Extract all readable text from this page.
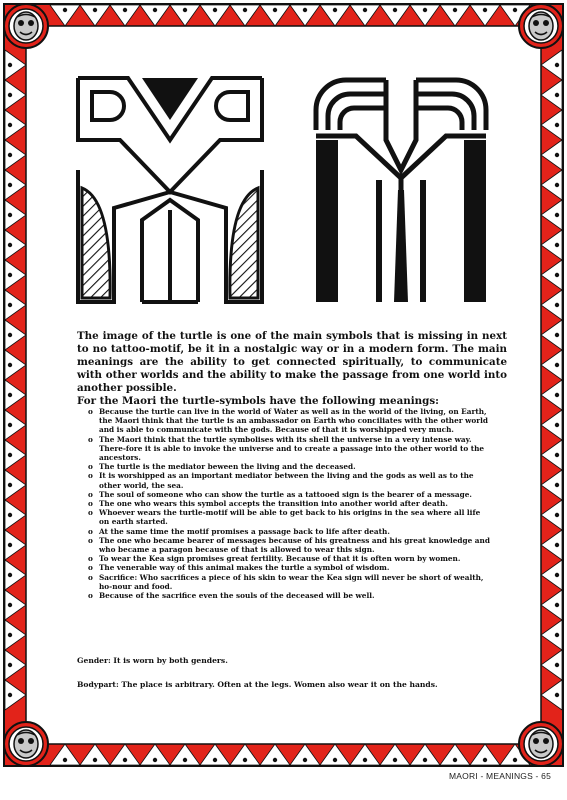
The image of the turtle is one of the main symbols that is missing in next to no tattoo-motif, be it in a nostalgic way or in a modern form. The main meanings are the ability to get connected spiritually, to communicate with other worlds and the ability to make the passage from one world into another possible.

For the Maori the turtle-symbols have the following meanings:

o Because the turtle can live in the world of Water as well as in the world of the living, on Earth, the Maori think that the turtle is an ambassador on Earth who conciliates with the other world and is able to communicate with the gods. Because of that it is worshipped very much.
o The Maori think that the turtle symbolises with its shell the universe in a very intense way. There-fore it is able to invoke the universe and to create a passage into the other world to the ancestors.
o The turtle is the mediator beween the living and the deceased.
o It is worshipped as an important mediator between the living and the gods as well as to the other world, the sea.
o The soul of someone who can show the turtle as a tattooed sign is the bearer of a message.
o The one who wears this symbol accepts the transition into another world after death.
o Whoever wears the turtle-motif will be able to get back to his origins in the sea where all life on earth started.
o At the same time the motif promises a passage back to life after death.
o The one who became bearer of messages because of his greatness and his great knowledge and who became a paragon because of that is allowed to wear this sign.
o To wear the Kea sign promises great fertility. Because of that it is often worn by women.
o The venerable way of this animal makes the turtle a symbol of wisdom.
o Sacrifice: Who sacrifices a piece of his skin to wear the Kea sign will never be short of wealth, ho-nour and food.
o Because of the sacrifice even the souls of the deceased will be well.
Gender: It is worn by both genders.
Bodypart: The place is arbitrary. Often at the legs. Women also wear it on the hands.
MAORI - MEANINGS - 65
